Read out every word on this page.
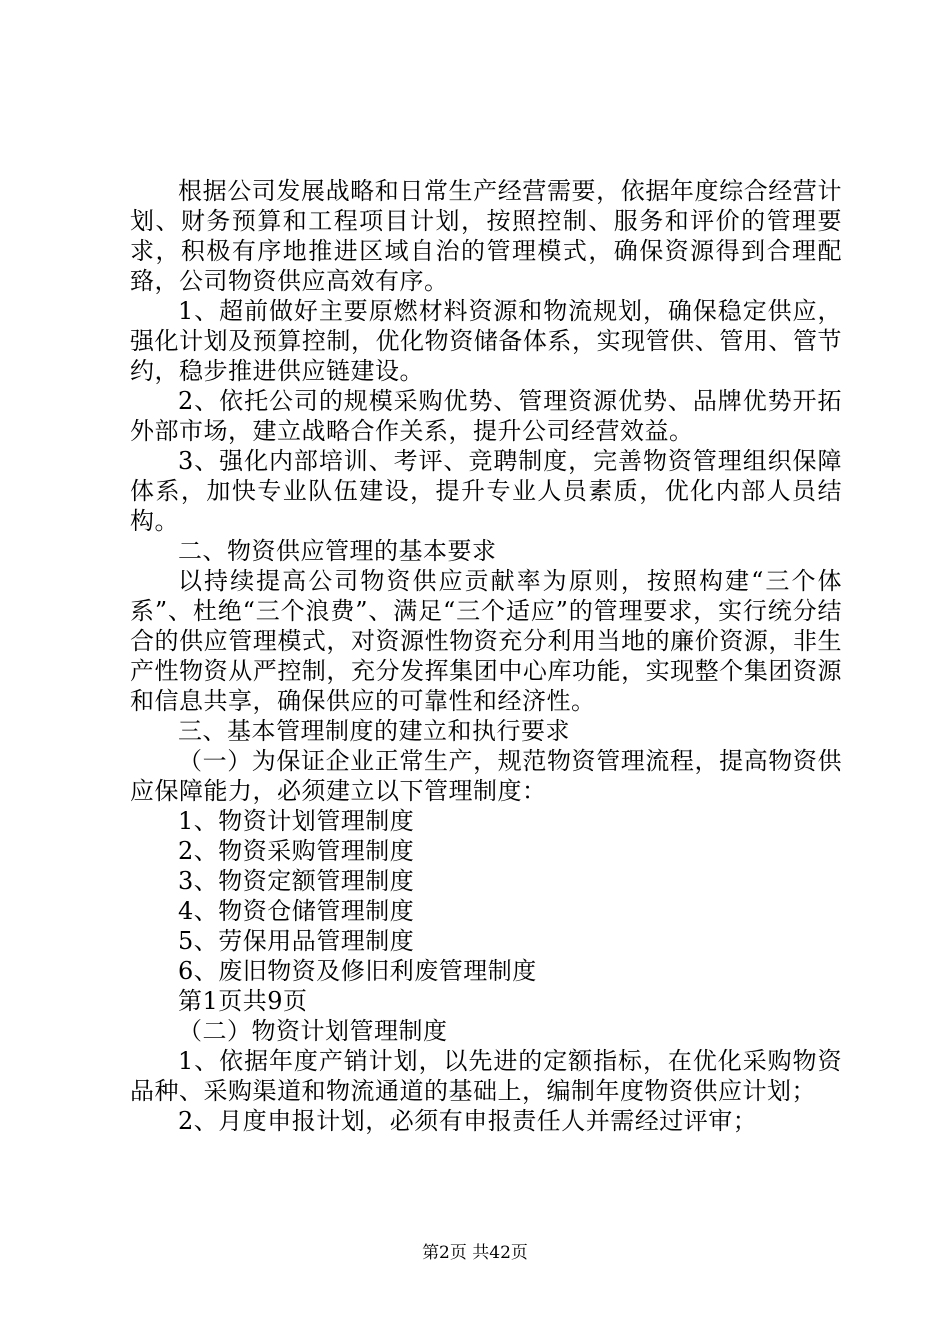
根据公司发展战略和日常生产经营需要，依据年度综合经营计划、财务预算和工程项目计划，按照控制、服务和评价的管理要求，积极有序地推进区域自治的管理模式，确保资源得到合理配臵，公司物资供应高效有序。

1、超前做好主要原燃材料资源和物流规划，确保稳定供应，强化计划及预算控制，优化物资储备体系，实现管供、管用、管节约，稳步推进供应链建设。

2、依托公司的规模采购优势、管理资源优势、品牌优势开拓外部市场，建立战略合作关系，提升公司经营效益。

3、强化内部培训、考评、竞聘制度，完善物资管理组织保障体系，加快专业队伍建设，提升专业人员素质，优化内部人员结构。

二、物资供应管理的基本要求

以持续提高公司物资供应贡献率为原则，按照构建“三个体系”、杜绝“三个浪费”、满足“三个适应”的管理要求，实行统分结合的供应管理模式，对资源性物资充分利用当地的廉价资源，非生产性物资从严控制，充分发挥集团中心库功能，实现整个集团资源和信息共享，确保供应的可靠性和经济性。

三、基本管理制度的建立和执行要求

（一）为保证企业正常生产，规范物资管理流程，提高物资供应保障能力，必须建立以下管理制度：

1、物资计划管理制度

2、物资采购管理制度

3、物资定额管理制度

4、物资仓储管理制度

5、劳保用品管理制度

6、废旧物资及修旧利废管理制度

第1页共9页

（二）物资计划管理制度

1、依据年度产销计划，以先进的定额指标，在优化采购物资品种、采购渠道和物流通道的基础上，编制年度物资供应计划；

2、月度申报计划，必须有申报责任人并需经过评审；

第2页 共42页
